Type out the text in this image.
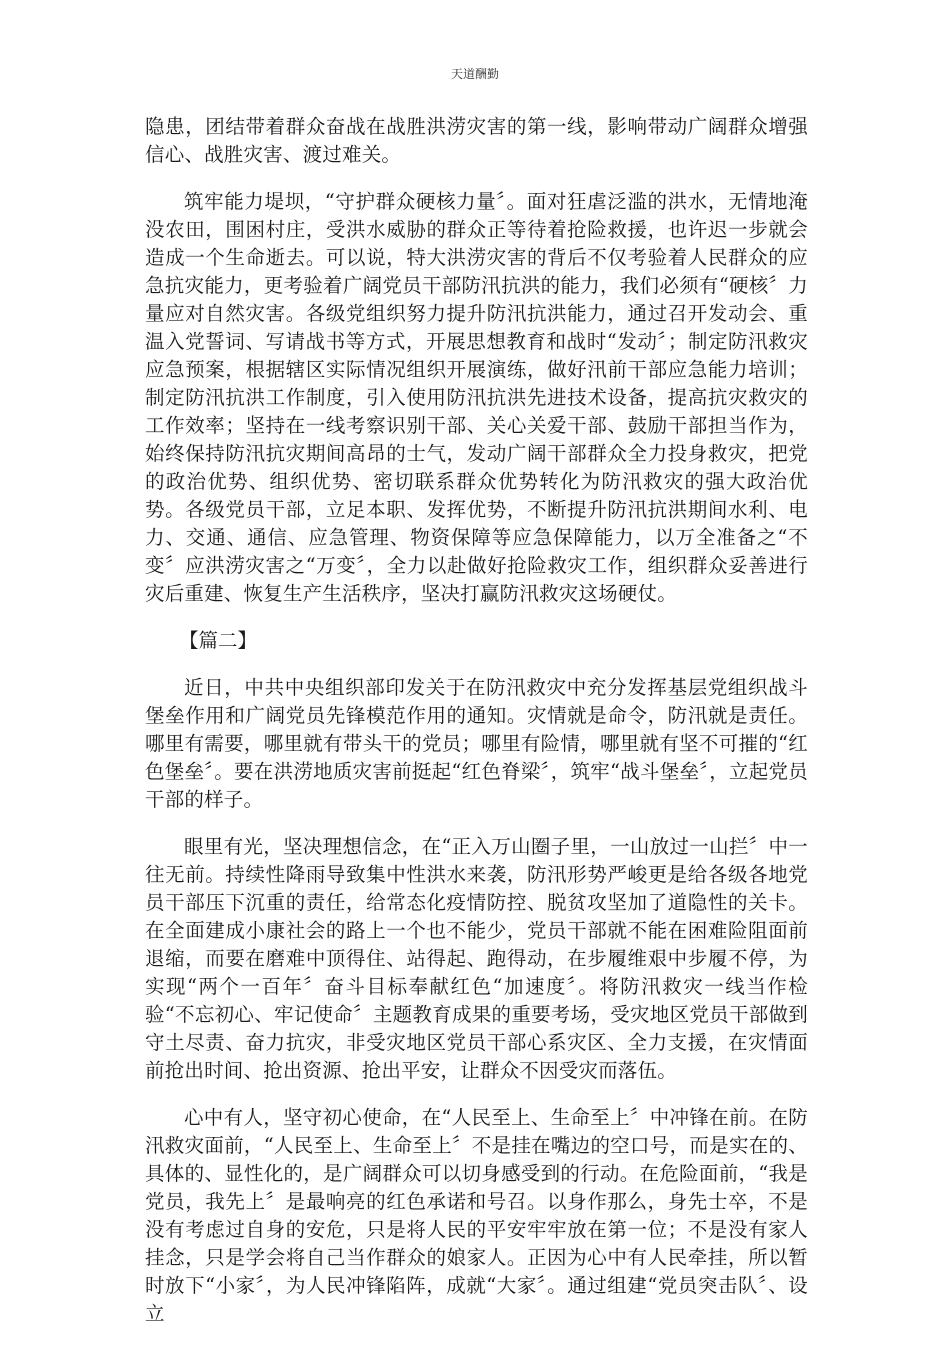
天道酬勤

隐患，团结带着群众奋战在战胜洪涝灾害的第一线，影响带动广阔群众增强信心、战胜灾害、渡过难关。

筑牢能力堤坝，“守护群众硬核力量〞。面对狂虐泛滥的洪水，无情地淹没农田，围困村庄，受洪水威胁的群众正等待着抢险救援，也许迟一步就会造成一个生命逝去。可以说，特大洪涝灾害的背后不仅考验着人民群众的应急抗灾能力，更考验着广阔党员干部防汛抗洪的能力，我们必须有“硬核〞力量应对自然灾害。各级党组织努力提升防汛抗洪能力，通过召开发动会、重温入党誓词、写请战书等方式，开展思想教育和战时“发动〞；制定防汛救灾应急预案，根据辖区实际情况组织开展演练，做好汛前干部应急能力培训；制定防汛抗洪工作制度，引入使用防汛抗洪先进技术设备，提高抗灾救灾的工作效率；坚持在一线考察识别干部、关心关爱干部、鼓励干部担当作为，始终保持防汛抗灾期间高昂的士气，发动广阔干部群众全力投身救灾，把党的政治优势、组织优势、密切联系群众优势转化为防汛救灾的强大政治优势。各级党员干部，立足本职、发挥优势，不断提升防汛抗洪期间水利、电力、交通、通信、应急管理、物资保障等应急保障能力，以万全准备之“不变〞应洪涝灾害之“万变〞，全力以赴做好抢险救灾工作，组织群众妥善进行灾后重建、恢复生产生活秩序，坚决打赢防汛救灾这场硬仗。

【篇二】

近日，中共中央组织部印发关于在防汛救灾中充分发挥基层党组织战斗堡垒作用和广阔党员先锋模范作用的通知。灾情就是命令，防汛就是责任。哪里有需要，哪里就有带头干的党员；哪里有险情，哪里就有坚不可摧的“红色堡垒〞。要在洪涝地质灾害前挺起“红色脊梁〞，筑牢“战斗堡垒〞，立起党员干部的样子。

眼里有光，坚决理想信念，在“正入万山圈子里，一山放过一山拦〞中一往无前。持续性降雨导致集中性洪水来袭，防汛形势严峻更是给各级各地党员干部压下沉重的责任，给常态化疫情防控、脱贫攻坚加了道隐性的关卡。在全面建成小康社会的路上一个也不能少，党员干部就不能在困难险阻面前退缩，而要在磨难中顶得住、站得起、跑得动，在步履维艰中步履不停，为实现“两个一百年〞奋斗目标奉献红色“加速度〞。将防汛救灾一线当作检验“不忘初心、牢记使命〞主题教育成果的重要考场，受灾地区党员干部做到守土尽责、奋力抗灾，非受灾地区党员干部心系灾区、全力支援，在灾情面前抢出时间、抢出资源、抢出平安，让群众不因受灾而落伍。

心中有人，坚守初心使命，在“人民至上、生命至上〞中冲锋在前。在防汛救灾面前，“人民至上、生命至上〞不是挂在嘴边的空口号，而是实在的、具体的、显性化的，是广阔群众可以切身感受到的行动。在危险面前，“我是党员，我先上〞是最响亮的红色承诺和号召。以身作那么，身先士卒，不是没有考虑过自身的安危，只是将人民的平安牢牢放在第一位；不是没有家人挂念，只是学会将自己当作群众的娘家人。正因为心中有人民牵挂，所以暂时放下“小家〞，为人民冲锋陷阵，成就“大家〞。通过组建“党员突击队〞、设立
